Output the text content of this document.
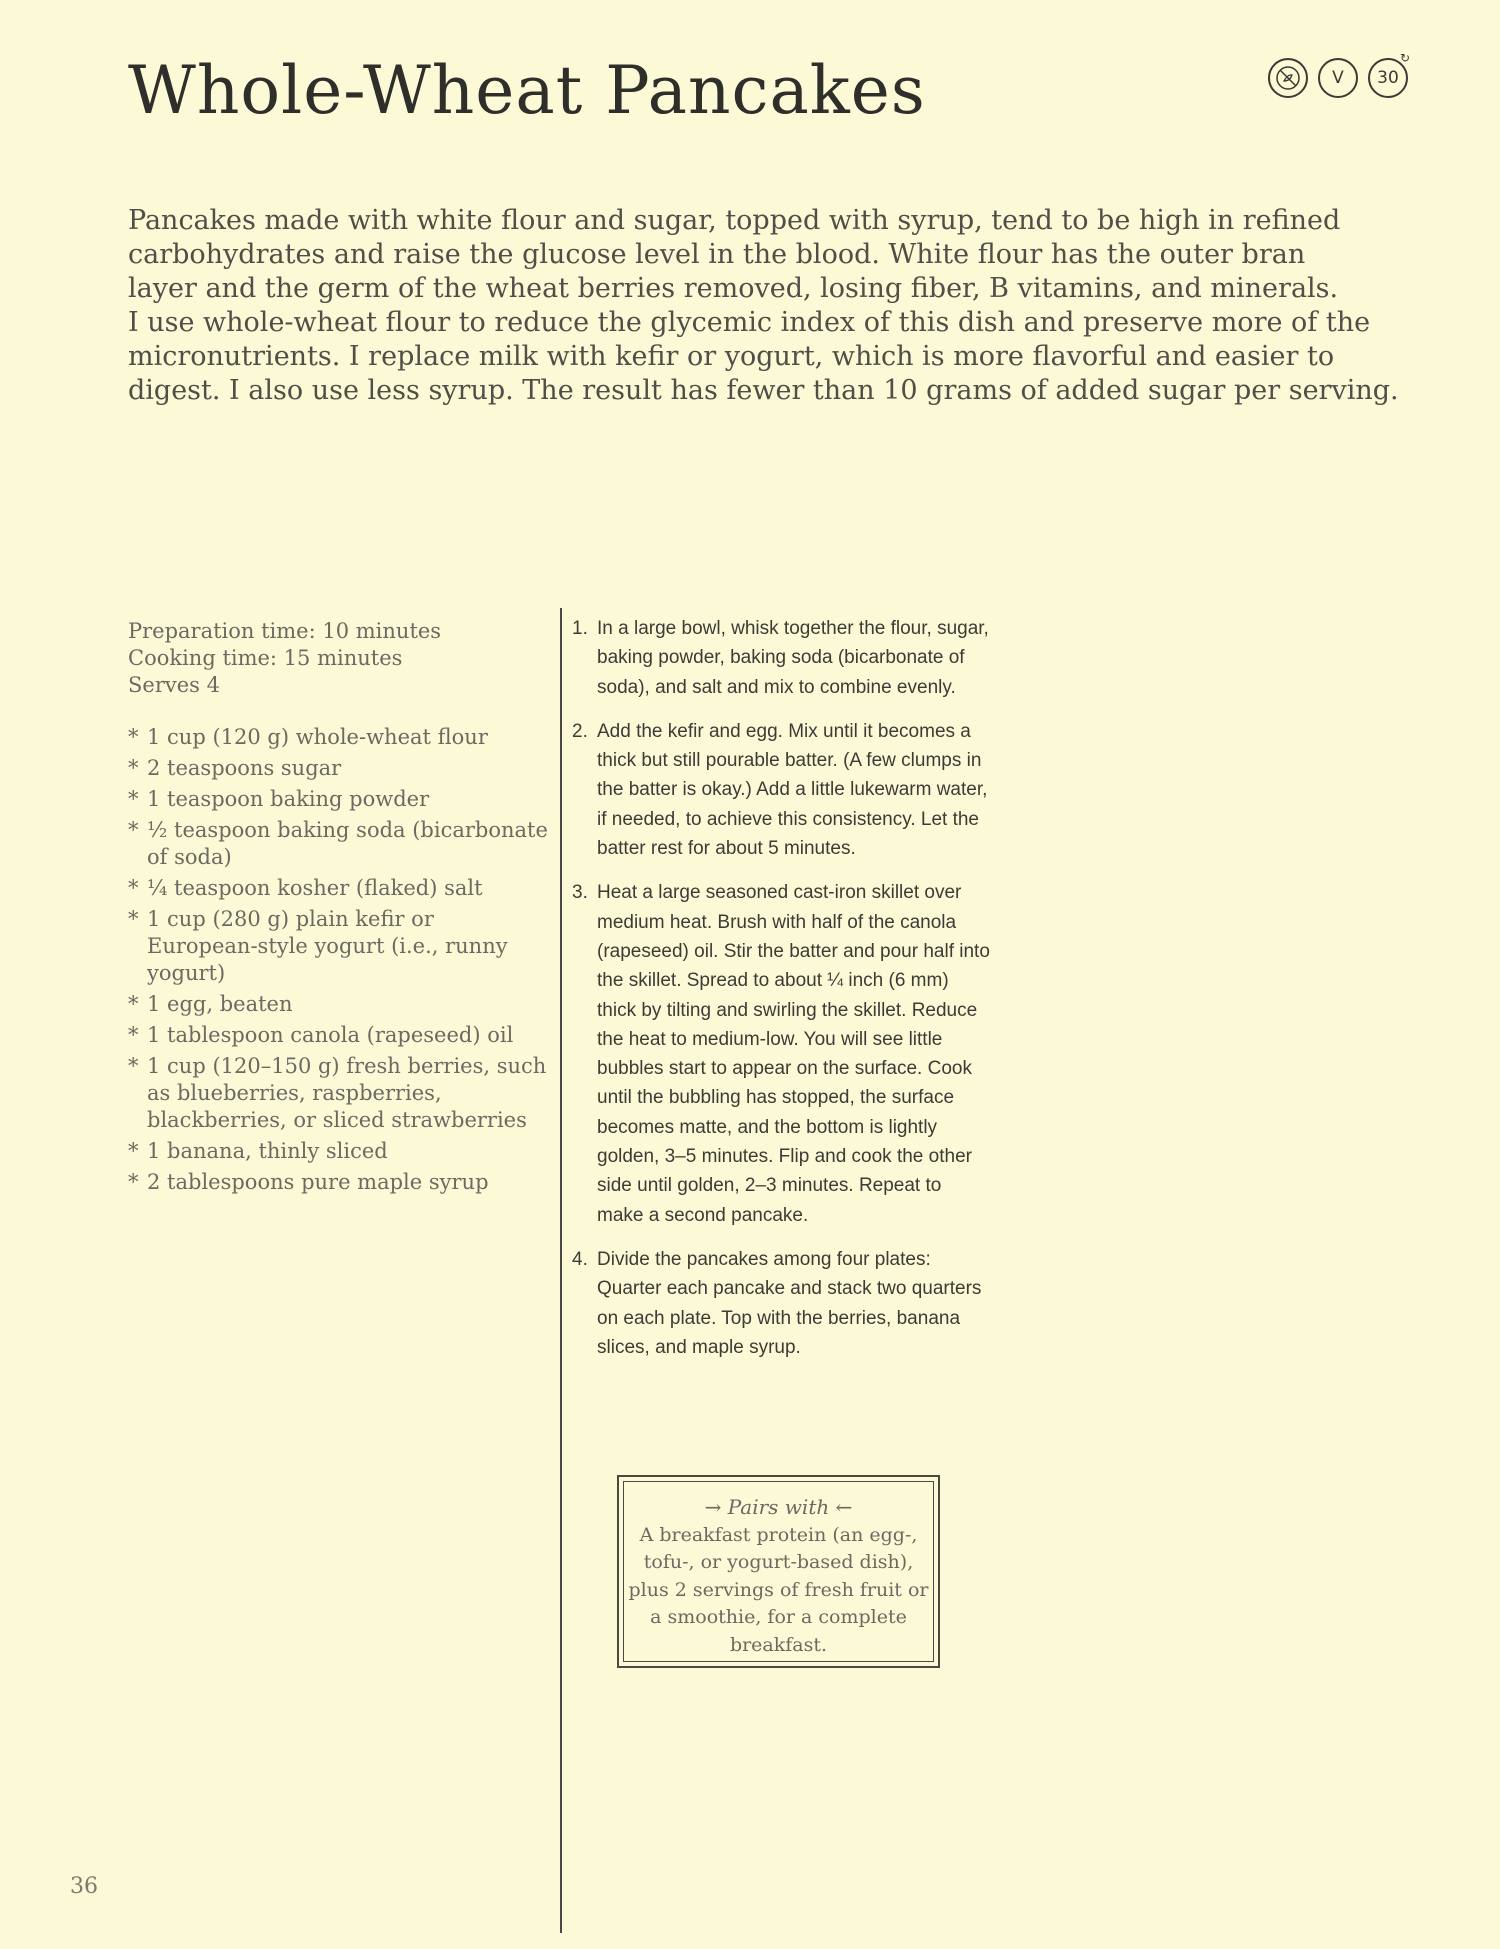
Whole-Wheat Pancakes	V
↻
30

Pancakes made with white flour and sugar, topped with syrup, tend to be high in refined
carbohydrates and raise the glucose level in the blood. White flour has the outer bran
layer and the germ of the wheat berries removed, losing fiber, B vitamins, and minerals.
I use whole-wheat flour to reduce the glycemic index of this dish and preserve more of the
micronutrients. I replace milk with kefir or yogurt, which is more flavorful and easier to
digest. I also use less syrup. The result has fewer than 10 grams of added sugar per serving.

Preparation time: 10 minutes
Cooking time: 15 minutes
Serves 4
* 1 cup (120 g) whole-wheat flour
* 2 teaspoons sugar
* 1 teaspoon baking powder
* ½ teaspoon baking soda (bicarbonate of soda)
* ¼ teaspoon kosher (flaked) salt
* 1 cup (280 g) plain kefir or European-style yogurt (i.e., runny yogurt)
* 1 egg, beaten
* 1 tablespoon canola (rapeseed) oil
* 1 cup (120–150 g) fresh berries, such as blueberries, raspberries, blackberries, or sliced strawberries
* 1 banana, thinly sliced
* 2 tablespoons pure maple syrup
1. In a large bowl, whisk together the flour, sugar, baking powder, baking soda (bicarbonate of soda), and salt and mix to combine evenly.
2. Add the kefir and egg. Mix until it becomes a thick but still pourable batter. (A few clumps in the batter is okay.) Add a little lukewarm water, if needed, to achieve this consistency. Let the batter rest for about 5 minutes.
3. Heat a large seasoned cast-iron skillet over medium heat. Brush with half of the canola (rapeseed) oil. Stir the batter and pour half into the skillet. Spread to about ¼ inch (6 mm) thick by tilting and swirling the skillet. Reduce the heat to medium-low. You will see little bubbles start to appear on the surface. Cook until the bubbling has stopped, the surface becomes matte, and the bottom is lightly golden, 3–5 minutes. Flip and cook the other side until golden, 2–3 minutes. Repeat to make a second pancake.
4. Divide the pancakes among four plates: Quarter each pancake and stack two quarters on each plate. Top with the berries, banana slices, and maple syrup.
→ Pairs with ←
A breakfast protein (an egg-, tofu-, or yogurt-based dish), plus 2 servings of fresh fruit or a smoothie, for a complete breakfast.
36
